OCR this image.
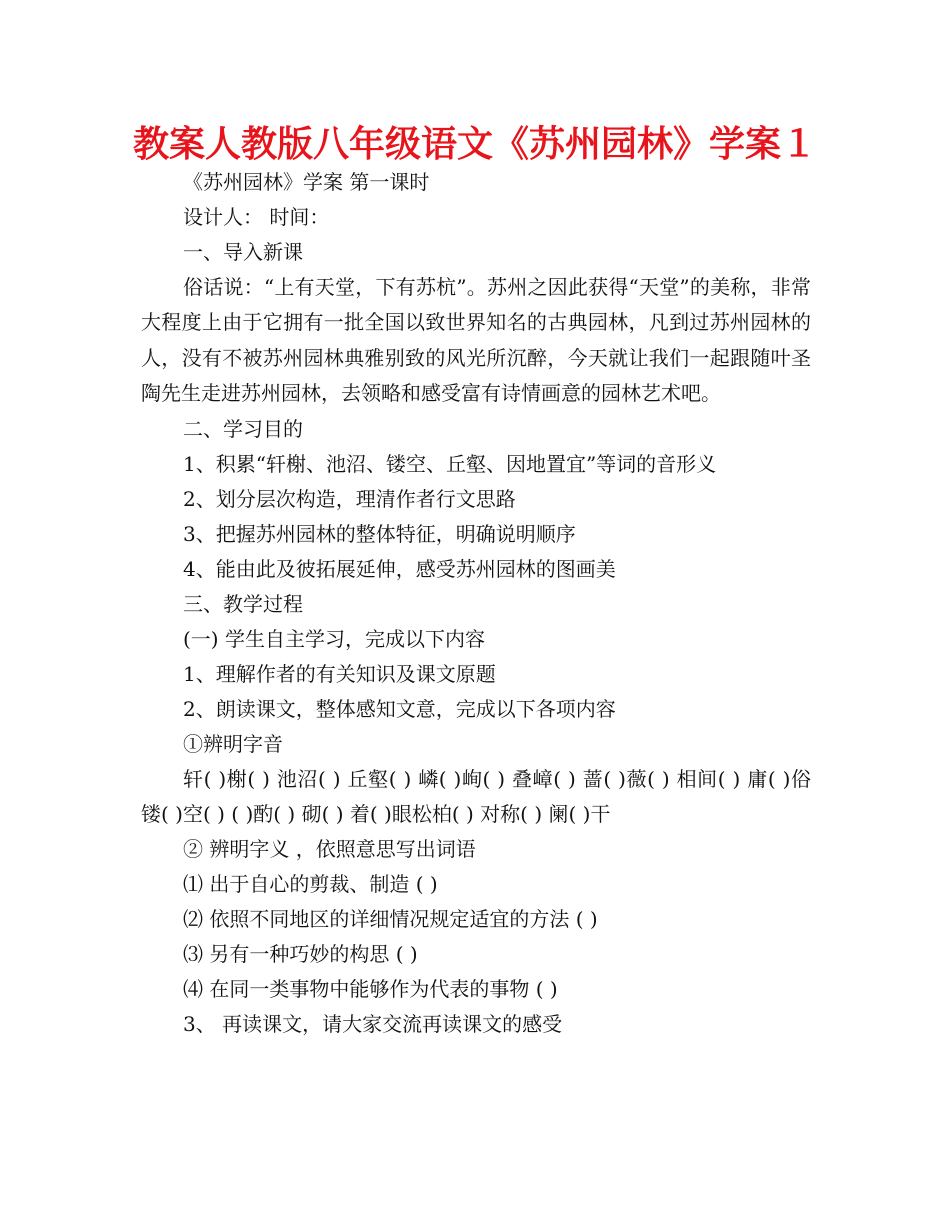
教案人教版八年级语文《苏州园林》学案１
《苏州园林》学案 第一课时
设计人： 时间：
一、导入新课

俗话说：“上有天堂，下有苏杭”。苏州之因此获得“天堂”的美称，非常大程度上由于它拥有一批全国以致世界知名的古典园林，凡到过苏州园林的人，没有不被苏州园林典雅别致的风光所沉醉，今天就让我们一起跟随叶圣陶先生走进苏州园林，去领略和感受富有诗情画意的园林艺术吧。

二、学习目的
1、积累“轩榭、池沼、镂空、丘壑、因地置宜”等词的音形义
2、划分层次构造，理清作者行文思路
3、把握苏州园林的整体特征，明确说明顺序
4、能由此及彼拓展延伸，感受苏州园林的图画美
三、教学过程
(一) 学生自主学习，完成以下内容
1、理解作者的有关知识及课文原题
2、朗读课文，整体感知文意，完成以下各项内容
①辨明字音

轩( )榭( ) 池沼( ) 丘壑( ) 嶙( )峋( ) 叠嶂( ) 蔷( )薇( ) 相间( ) 庸( )俗 镂( )空( ) ( )酌( ) 砌( ) 着( )眼松柏( ) 对称( ) 阑( )干

② 辨明字义 ，依照意思写出词语
⑴ 出于自心的剪裁、制造 ( )
⑵ 依照不同地区的详细情况规定适宜的方法 ( )
⑶ 另有一种巧妙的构思 ( )
⑷ 在同一类事物中能够作为代表的事物 ( )
3、 再读课文，请大家交流再读课文的感受
